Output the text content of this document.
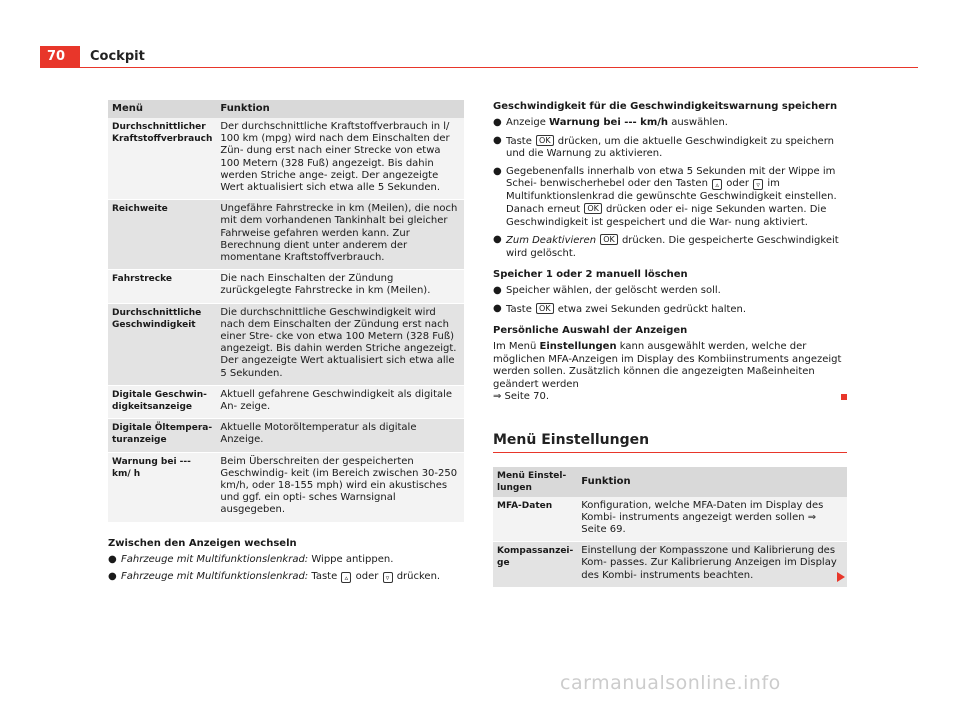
70	Cockpit
Menü	Funktion
Durchschnittlicher Kraftstoffverbrauch	Der durchschnittliche Kraftstoffverbrauch in l/ 100 km (mpg) wird nach dem Einschalten der Zün- dung erst nach einer Strecke von etwa 100 Metern (328 Fuß) angezeigt. Bis dahin werden Striche ange- zeigt. Der angezeigte Wert aktualisiert sich etwa alle 5 Sekunden.
Reichweite	Ungefähre Fahrstrecke in km (Meilen), die noch mit dem vorhandenen Tankinhalt bei gleicher Fahrweise gefahren werden kann. Zur Berechnung dient unter anderem der momentane Kraftstoffverbrauch.
Fahrstrecke	Die nach Einschalten der Zündung zurückgelegte Fahrstrecke in km (Meilen).
Durchschnittliche Geschwindigkeit	Die durchschnittliche Geschwindigkeit wird nach dem Einschalten der Zündung erst nach einer Stre- cke von etwa 100 Metern (328 Fuß) angezeigt. Bis dahin werden Striche angezeigt. Der angezeigte Wert aktualisiert sich etwa alle 5 Sekunden.
Digitale Geschwin- digkeitsanzeige	Aktuell gefahrene Geschwindigkeit als digitale An- zeige.
Digitale Öltempera- turanzeige	Aktuelle Motoröltemperatur als digitale Anzeige.
Warnung bei --- km/ h	Beim Überschreiten der gespeicherten Geschwindig- keit (im Bereich zwischen 30-250 km/h, oder 18-155 mph) wird ein akustisches und ggf. ein opti- sches Warnsignal ausgegeben.
Zwischen den Anzeigen wechseln
● Fahrzeuge mit Multifunktionslenkrad: Wippe antippen.
● Fahrzeuge mit Multifunktionslenkrad: Taste ▵ oder ▿ drücken.
Geschwindigkeit für die Geschwindigkeitswarnung speichern
● Anzeige Warnung bei --- km/h auswählen.
● Taste OK drücken, um die aktuelle Geschwindigkeit zu speichern und die Warnung zu aktivieren.
● Gegebenenfalls innerhalb von etwa 5 Sekunden mit der Wippe im Schei- benwischerhebel oder den Tasten ▵ oder ▿ im Multifunktionslenkrad die gewünschte Geschwindigkeit einstellen. Danach erneut OK drücken oder ei- nige Sekunden warten. Die Geschwindigkeit ist gespeichert und die War- nung aktiviert.
● Zum Deaktivieren OK drücken. Die gespeicherte Geschwindigkeit wird gelöscht.
Speicher 1 oder 2 manuell löschen
● Speicher wählen, der gelöscht werden soll.
● Taste OK etwa zwei Sekunden gedrückt halten.
Persönliche Auswahl der Anzeigen
Im Menü Einstellungen kann ausgewählt werden, welche der möglichen MFA-Anzeigen im Display des Kombiinstruments angezeigt werden sollen. Zusätzlich können die angezeigten Maßeinheiten geändert werden
⇒ Seite 70.
Menü Einstellungen
Menü Einstel- lungen	Funktion
MFA-Daten	Konfiguration, welche MFA-Daten im Display des Kombi- instruments angezeigt werden sollen ⇒ Seite 69.
Kompassanzei- ge	Einstellung der Kompasszone und Kalibrierung des Kom- passes. Zur Kalibrierung Anzeigen im Display des Kombi- instruments beachten.
carmanualsonline.info
